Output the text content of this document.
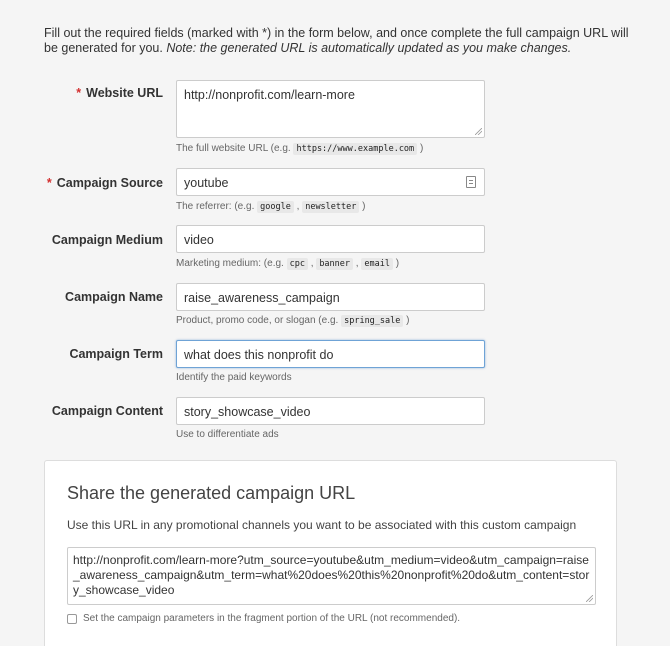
Fill out the required fields (marked with *) in the form below, and once complete the full campaign URL will be generated for you. Note: the generated URL is automatically updated as you make changes.
* Website URL	http://nonprofit.com/learn-more
The full website URL (e.g. https://www.example.com )
* Campaign Source	youtube
The referrer: (e.g. google , newsletter )
Campaign Medium	video
Marketing medium: (e.g. cpc , banner , email )
Campaign Name	raise_awareness_campaign
Product, promo code, or slogan (e.g. spring_sale )
Campaign Term	what does this nonprofit do
Identify the paid keywords
Campaign Content	story_showcase_video
Use to differentiate ads
Share the generated campaign URL
Use this URL in any promotional channels you want to be associated with this custom campaign
http://nonprofit.com/learn-more?utm_source=youtube&utm_medium=video&utm_campaign=raise_awareness_campaign&utm_term=what%20does%20this%20nonprofit%20do&utm_content=story_showcase_video
Set the campaign parameters in the fragment portion of the URL (not recommended).
